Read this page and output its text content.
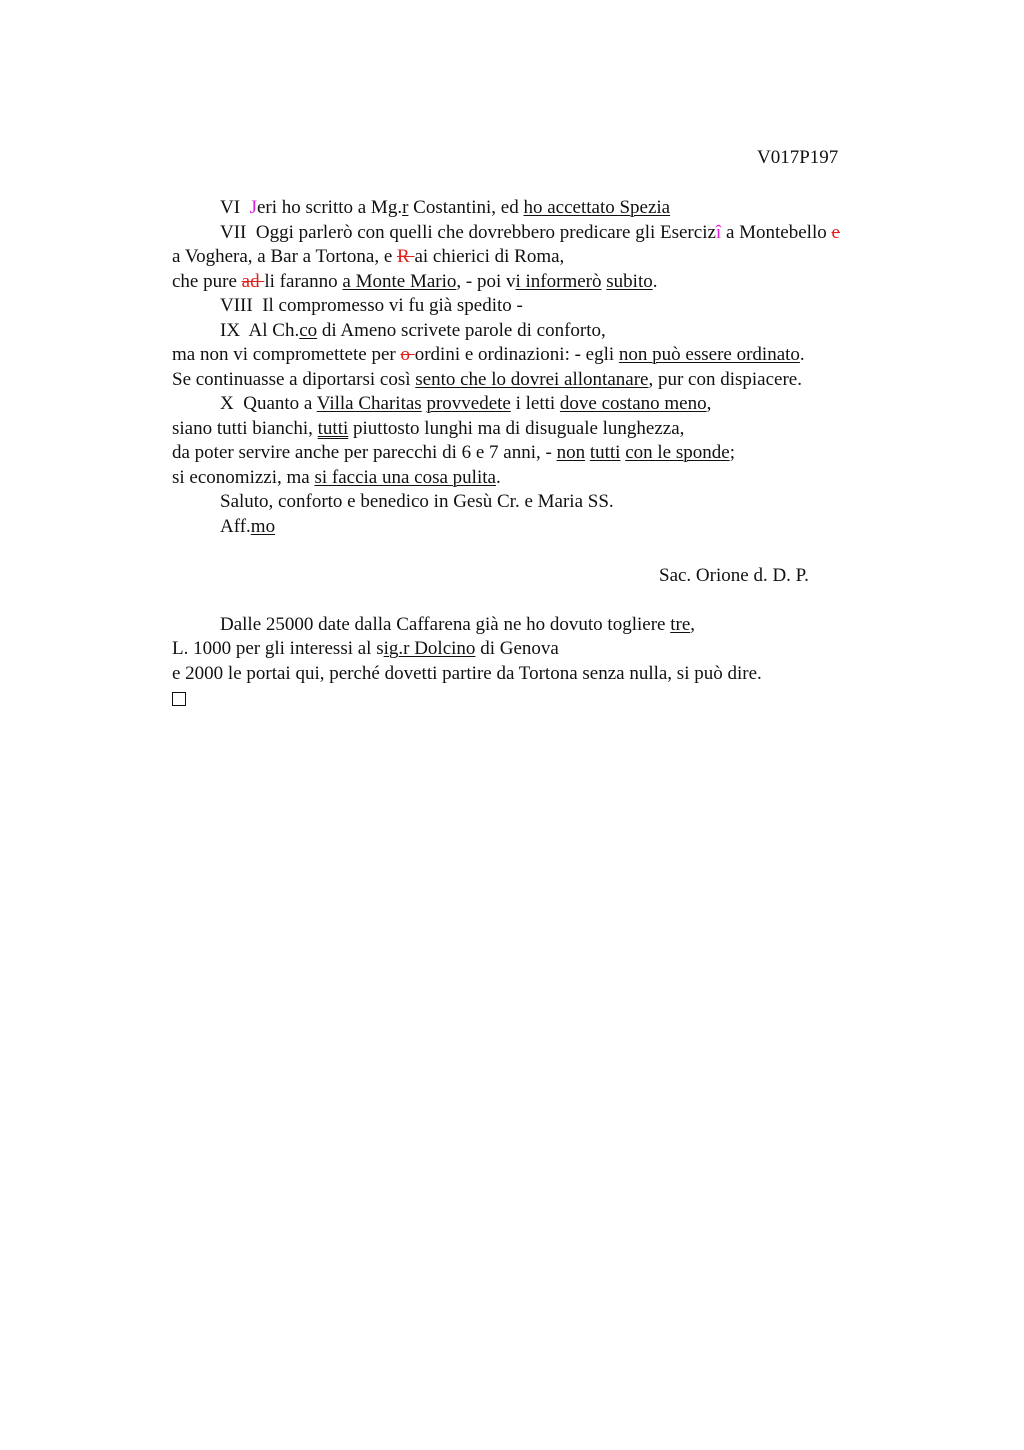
V017P197
VI Jeri ho scritto a Mg.r Costantini, ed ho accettato Spezia
VII Oggi parlerò con quelli che dovrebbero predicare gli Esercizî a Montebello e
a Voghera, a Bar a Tortona, e R ai chierici di Roma,
che pure ad li faranno a Monte Mario, - poi vi informerò subito.
VIII Il compromesso vi fu già spedito -
IX Al Ch.co di Ameno scrivete parole di conforto,
ma non vi compromettete per o ordini e ordinazioni: - egli non può essere ordinato.
Se continuasse a diportarsi così sento che lo dovrei allontanare, pur con dispiacere.
X Quanto a Villa Charitas provvedete i letti dove costano meno,
siano tutti bianchi, tutti piuttosto lunghi ma di disuguale lunghezza,
da poter servire anche per parecchi di 6 e 7 anni, - non tutti con le sponde;
si economizzi, ma si faccia una cosa pulita.
Saluto, conforto e benedico in Gesù Cr. e Maria SS.
Aff.mo
Sac. Orione d. D. P.
Dalle 25000 date dalla Caffarena già ne ho dovuto togliere tre,
L. 1000 per gli interessi al sig.r Dolcino di Genova
e 2000 le portai qui, perché dovetti partire da Tortona senza nulla, si può dire.
